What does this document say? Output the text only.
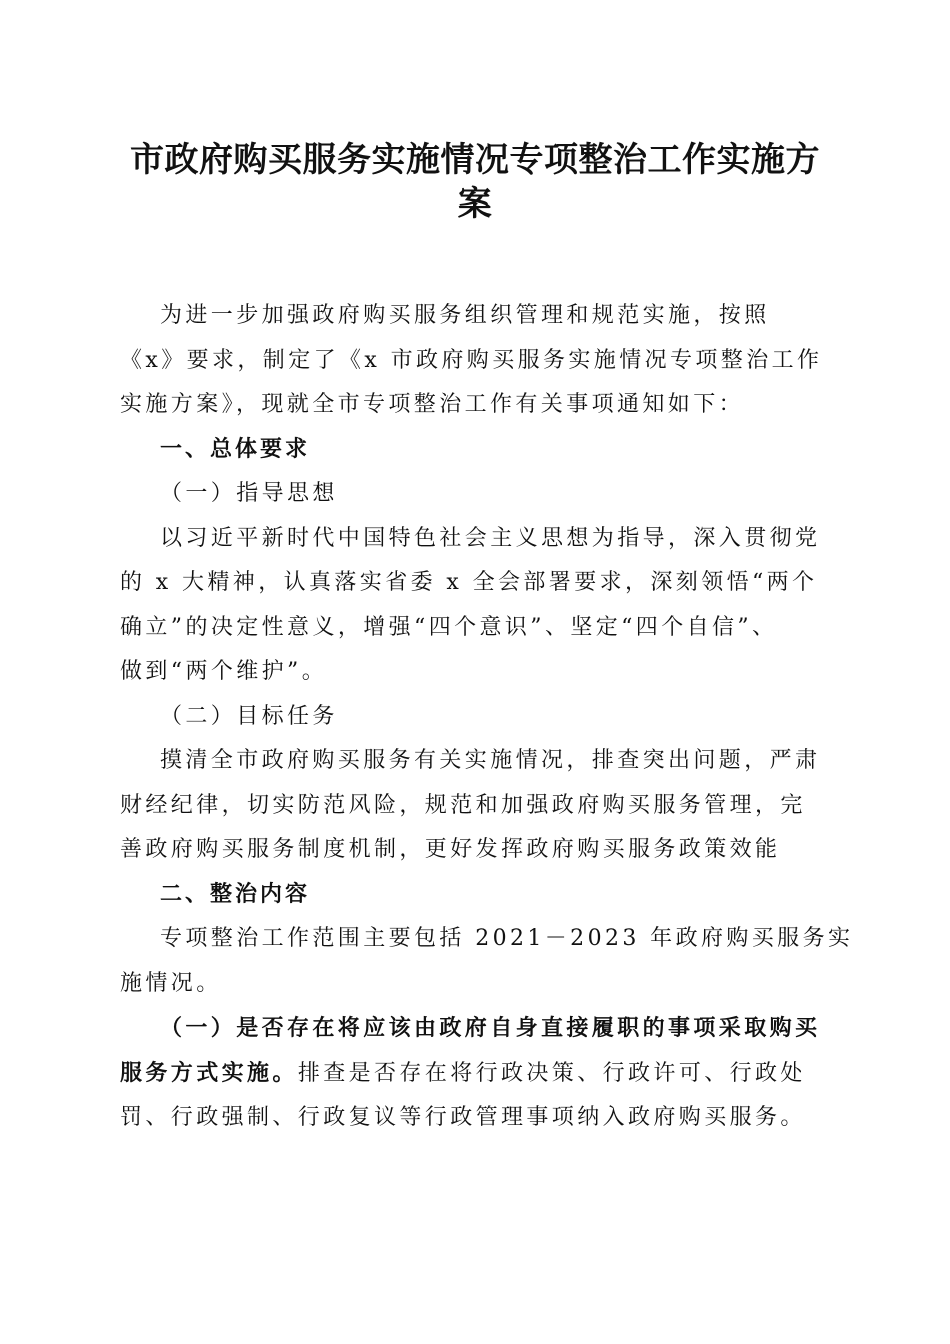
市政府购买服务实施情况专项整治工作实施方
案
为进一步加强政府购买服务组织管理和规范实施，按照
《x》要求，制定了《x 市政府购买服务实施情况专项整治工作
实施方案》，现就全市专项整治工作有关事项通知如下：
一、总体要求
（一）指导思想
以习近平新时代中国特色社会主义思想为指导，深入贯彻党
的 x 大精神，认真落实省委 x 全会部署要求，深刻领悟“两个
确立”的决定性意义，增强“四个意识”、坚定“四个自信”、
做到“两个维护”。
（二）目标任务
摸清全市政府购买服务有关实施情况，排查突出问题，严肃
财经纪律，切实防范风险，规范和加强政府购买服务管理，完
善政府购买服务制度机制，更好发挥政府购买服务政策效能
二、整治内容
专项整治工作范围主要包括 2021－2023 年政府购买服务实
施情况。
（一）是否存在将应该由政府自身直接履职的事项采取购买
服务方式实施。排查是否存在将行政决策、行政许可、行政处
罚、行政强制、行政复议等行政管理事项纳入政府购买服务。
